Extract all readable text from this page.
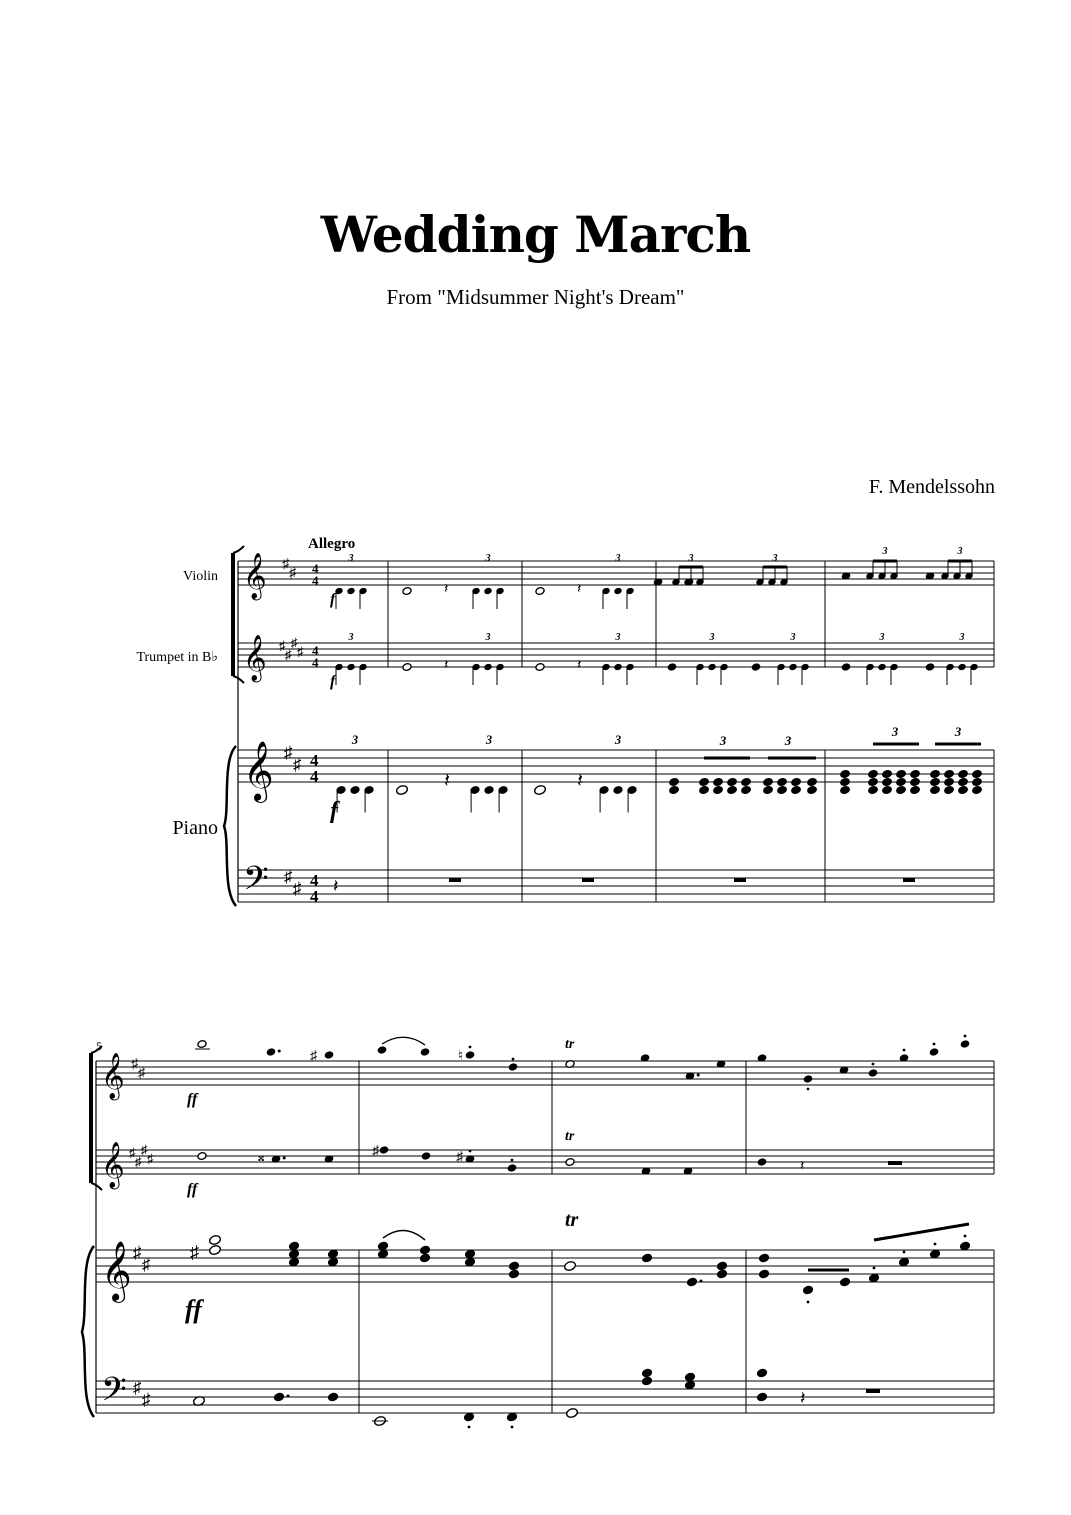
Wedding March
From "Midsummer Night's Dream"
F. Mendelssohn
Violin
Trumpet in B♭
Piano
Allegro
𝄞
𝄞
𝄞
𝄢
♯
♯
♯
♯
♯
♯
♯
♯
♯
♯
4
4
4
4
4
4
4
4
f
f
f
3
𝄽
3
𝄽
3	3	3
3	3
3
𝄽
3
𝄽
3	3	3	3	3
3
𝄽
3
𝄽
3	3	3
3	3
𝄽
5
𝄞
𝄞
𝄞
𝄢
♯
♯
♯
♯
♯
♯
♯
♯
♯
♯
ff
ff
ff
tr
tr
tr
♯	♮
𝄪	♯	♯
𝄽
♯
𝄽
